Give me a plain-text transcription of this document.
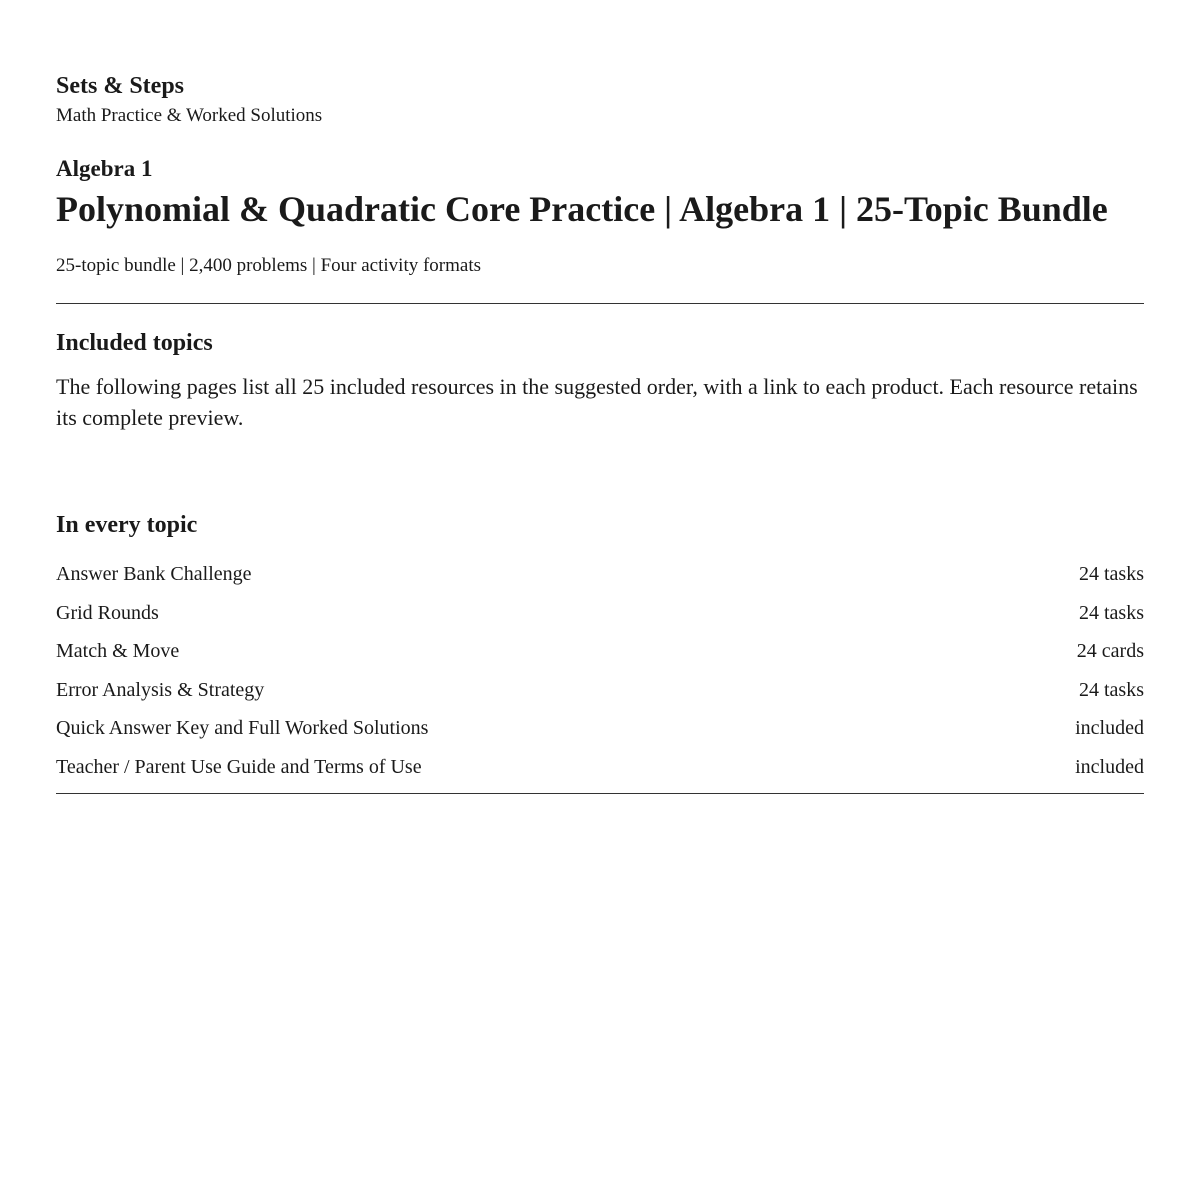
Sets & Steps

Math Practice & Worked Solutions

Algebra 1

Polynomial & Quadratic Core Practice | Algebra 1 | 25-Topic Bundle

25-topic bundle | 2,400 problems | Four activity formats

Included topics

The following pages list all 25 included resources in the suggested order, with a link to each product. Each resource retains its complete preview.

In every topic
Answer Bank Challenge	24 tasks
Grid Rounds	24 tasks
Match & Move	24 cards
Error Analysis & Strategy	24 tasks
Quick Answer Key and Full Worked Solutions	included
Teacher / Parent Use Guide and Terms of Use	included
